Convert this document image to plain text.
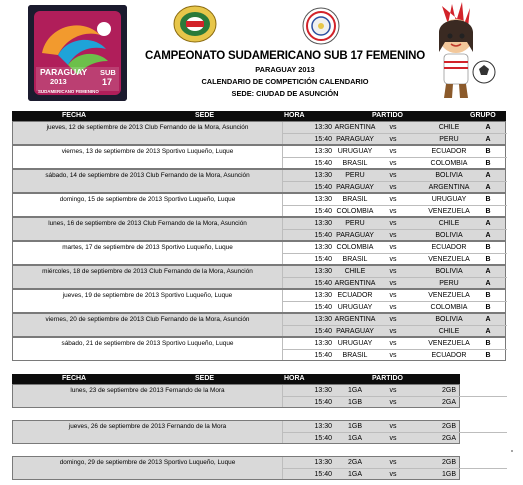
PARAGUAY
2013
SUB
17
SUDAMERICANO FEMENINO
CAMPEONATO SUDAMERICANO SUB 17 FEMENINO
PARAGUAY 2013
CALENDARIO DE COMPETICIÓN CALENDARIO
SEDE: CIUDAD DE ASUNCIÓN
FECHA	SEDE	HORA	PARTIDO	GRUPO
jueves, 12 de septiembre de 2013 Club Fernando de la Mora, Asunción	13:30 ARGENTINA	vs	CHILE	A
15:40 PARAGUAY	vs	PERU	A
viernes, 13 de septiembre de 2013 Sportivo Luqueño, Luque	13:30 URUGUAY	vs	ECUADOR	B
15:40	BRASIL	vs	COLOMBIA	B
sábado, 14 de septiembre de 2013 Club Fernando de la Mora, Asunción	13:30	PERU	vs	BOLIVIA	A
15:40 PARAGUAY	vs	ARGENTINA	A
domingo, 15 de septiembre de 2013 Sportivo Luqueño, Luque	13:30	BRASIL	vs	URUGUAY	B
15:40 COLOMBIA	vs	VENEZUELA	B
lunes, 16 de septiembre de 2013 Club Fernando de la Mora, Asunción	13:30	PERU	vs	CHILE	A
15:40 PARAGUAY	vs	BOLIVIA	A
martes, 17 de septiembre de 2013 Sportivo Luqueño, Luque	13:30 COLOMBIA	vs	ECUADOR	B
15:40	BRASIL	vs	VENEZUELA	B
miércoles, 18 de septiembre de 2013 Club Fernando de la Mora, Asunción	13:30	CHILE	vs	BOLIVIA	A
15:40 ARGENTINA	vs	PERU	A
jueves, 19 de septiembre de 2013 Sportivo Luqueño, Luque	13:30 ECUADOR	vs	VENEZUELA	B
15:40 URUGUAY	vs	COLOMBIA	B
viernes, 20 de septiembre de 2013 Club Fernando de la Mora, Asunción	13:30 ARGENTINA	vs	BOLIVIA	A
15:40 PARAGUAY	vs	CHILE	A
sábado, 21 de septiembre de 2013 Sportivo Luqueño, Luque	13:30 URUGUAY	vs	VENEZUELA	B
15:40	BRASIL	vs	ECUADOR	B
FECHA	SEDE	HORA	PARTIDO
lunes, 23 de septiembre de 2013 Fernando de la Mora	13:30	1GA	vs	2GB
15:40	1GB	vs	2GA
jueves, 26 de septiembre de 2013 Fernando de la Mora	13:30	1GB	vs	2GB
15:40	1GA	vs	2GA
domingo, 29 de septiembre de 2013 Sportivo Luqueño, Luque	13:30	2GA	vs	2GB
15:40	1GA	vs	1GB
